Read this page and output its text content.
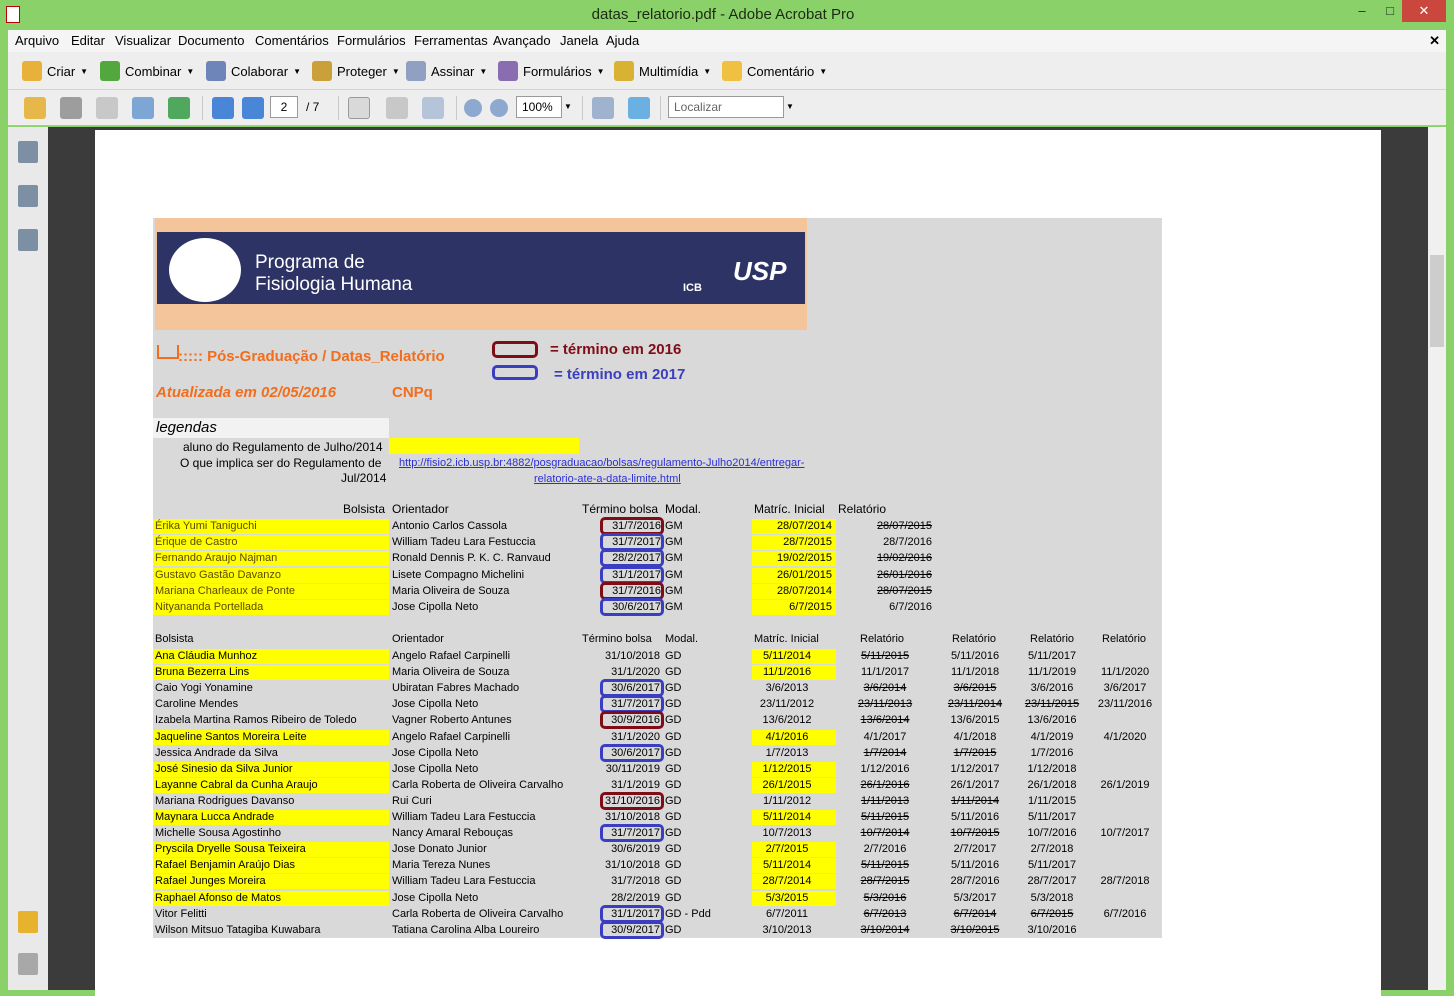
datas_relatorio.pdf - Adobe Acrobat Pro	–	□	✕
Arquivo Editar Visualizar Documento Comentários Formulários Ferramentas Avançado Janela Ajuda	✕
Criar ▼	Combinar ▼	Colaborar ▼	Proteger ▼ Assinar ▼	Formulários ▼	Multimídia ▼	Comentário ▼
2	/ 7	100%	▼	Localizar	▼
Programa de
Fisiologia Humana	ICB
USP
::::: Pós-Graduação / Datas_Relatório	= término em 2016
= término em 2017
Atualizada em 02/05/2016	CNPq
legendas
aluno do Regulamento de Julho/2014
O que implica ser do Regulamento de
Jul/2014
http://fisio2.icb.usp.br:4882/posgraduacao/bolsas/regulamento-Julho2014/entregar-
relatorio-ate-a-data-limite.html
Bolsista Orientador	Término bolsa Modal.	Matríc. Inicial Relatório
Érika Yumi Taniguchi	Antonio Carlos Cassola	31/7/2016 GM	28/07/2014	28/07/2015
Érique de Castro	William Tadeu Lara Festuccia	31/7/2017 GM	28/7/2015	28/7/2016
Fernando Araujo Najman	Ronald Dennis P. K. C. Ranvaud	28/2/2017 GM	19/02/2015	19/02/2016
Gustavo Gastão Davanzo	Lisete Compagno Michelini	31/1/2017 GM	26/01/2015	26/01/2016
Mariana Charleaux de Ponte	Maria Oliveira de Souza	31/7/2016 GM	28/07/2014	28/07/2015
Nityananda Portellada	Jose Cipolla Neto	30/6/2017 GM	6/7/2015	6/7/2016
Bolsista	Orientador	Término bolsa Modal.	Matríc. Inicial	Relatório	Relatório	Relatório	Relatório
Ana Cláudia Munhoz	Angelo Rafael Carpinelli	31/10/2018 GD	5/11/2014	5/11/2015	5/11/2016	5/11/2017
Bruna Bezerra Lins	Maria Oliveira de Souza	31/1/2020 GD	11/1/2016	11/1/2017	11/1/2018	11/1/2019	11/1/2020
Caio Yogi Yonamine	Ubiratan Fabres Machado	30/6/2017 GD	3/6/2013	3/6/2014	3/6/2015	3/6/2016	3/6/2017
Caroline Mendes	Jose Cipolla Neto	31/7/2017 GD	23/11/2012	23/11/2013	23/11/2014	23/11/2015	23/11/2016
Izabela Martina Ramos Ribeiro de Toledo	Vagner Roberto Antunes	30/9/2016 GD	13/6/2012	13/6/2014	13/6/2015	13/6/2016
Jaqueline Santos Moreira Leite	Angelo Rafael Carpinelli	31/1/2020 GD	4/1/2016	4/1/2017	4/1/2018	4/1/2019	4/1/2020
Jessica Andrade da Silva	Jose Cipolla Neto	30/6/2017 GD	1/7/2013	1/7/2014	1/7/2015	1/7/2016
José Sinesio da Silva Junior	Jose Cipolla Neto	30/11/2019 GD	1/12/2015	1/12/2016	1/12/2017	1/12/2018
Layanne Cabral da Cunha Araujo	Carla Roberta de Oliveira Carvalho	31/1/2019 GD	26/1/2015	26/1/2016	26/1/2017	26/1/2018	26/1/2019
Mariana Rodrigues Davanso	Rui Curi	31/10/2016 GD	1/11/2012	1/11/2013	1/11/2014	1/11/2015
Maynara Lucca Andrade	William Tadeu Lara Festuccia	31/10/2018 GD	5/11/2014	5/11/2015	5/11/2016	5/11/2017
Michelle Sousa Agostinho	Nancy Amaral Rebouças	31/7/2017 GD	10/7/2013	10/7/2014	10/7/2015	10/7/2016	10/7/2017
Pryscila Dryelle Sousa Teixeira	Jose Donato Junior	30/6/2019 GD	2/7/2015	2/7/2016	2/7/2017	2/7/2018
Rafael Benjamin Araújo Dias	Maria Tereza Nunes	31/10/2018 GD	5/11/2014	5/11/2015	5/11/2016	5/11/2017
Rafael Junges Moreira	William Tadeu Lara Festuccia	31/7/2018 GD	28/7/2014	28/7/2015	28/7/2016	28/7/2017	28/7/2018
Raphael Afonso de Matos	Jose Cipolla Neto	28/2/2019 GD	5/3/2015	5/3/2016	5/3/2017	5/3/2018
Vitor Felitti	Carla Roberta de Oliveira Carvalho	31/1/2017 GD - Pdd	6/7/2011	6/7/2013	6/7/2014	6/7/2015	6/7/2016
Wilson Mitsuo Tatagiba Kuwabara	Tatiana Carolina Alba Loureiro	30/9/2017 GD	3/10/2013	3/10/2014	3/10/2015	3/10/2016
